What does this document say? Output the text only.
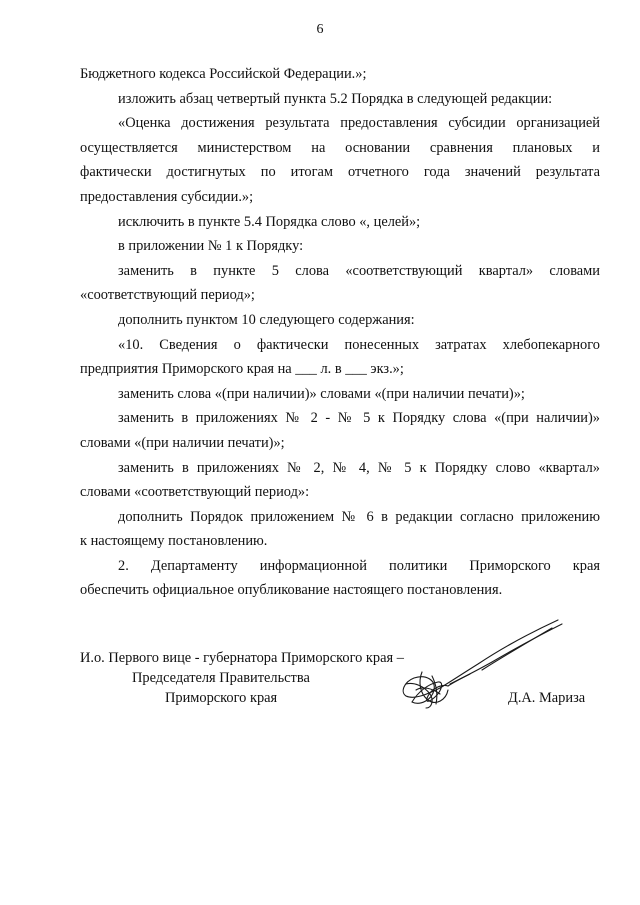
6
Бюджетного кодекса Российской Федерации.»;
изложить абзац четвертый пункта 5.2 Порядка в следующей редакции:
«Оценка достижения результата предоставления субсидии организацией
осуществляется министерством на основании сравнения плановых и
фактически достигнутых по итогам отчетного года значений результата
предоставления субсидии.»;
исключить в пункте 5.4 Порядка слово «, целей»;
в приложении № 1 к Порядку:
заменить в пункте 5 слова «соответствующий квартал» словами
«соответствующий период»;
дополнить пунктом 10 следующего содержания:
«10. Сведения о фактически понесенных затратах хлебопекарного
предприятия Приморского края на ___ л. в ___ экз.»;
заменить слова «(при наличии)» словами «(при наличии печати)»;
заменить в приложениях № 2 - № 5 к Порядку слова «(при наличии)»
словами «(при наличии печати)»;
заменить в приложениях № 2, № 4, № 5 к Порядку слово «квартал»
словами «соответствующий период»:
дополнить Порядок приложением № 6 в редакции согласно приложению
к настоящему постановлению.
2. Департаменту информационной политики Приморского края
обеспечить официальное опубликование настоящего постановления.
И.о. Первого вице - губернатора Приморского края –
Председателя Правительства
Приморского края	Д.А. Мариза
